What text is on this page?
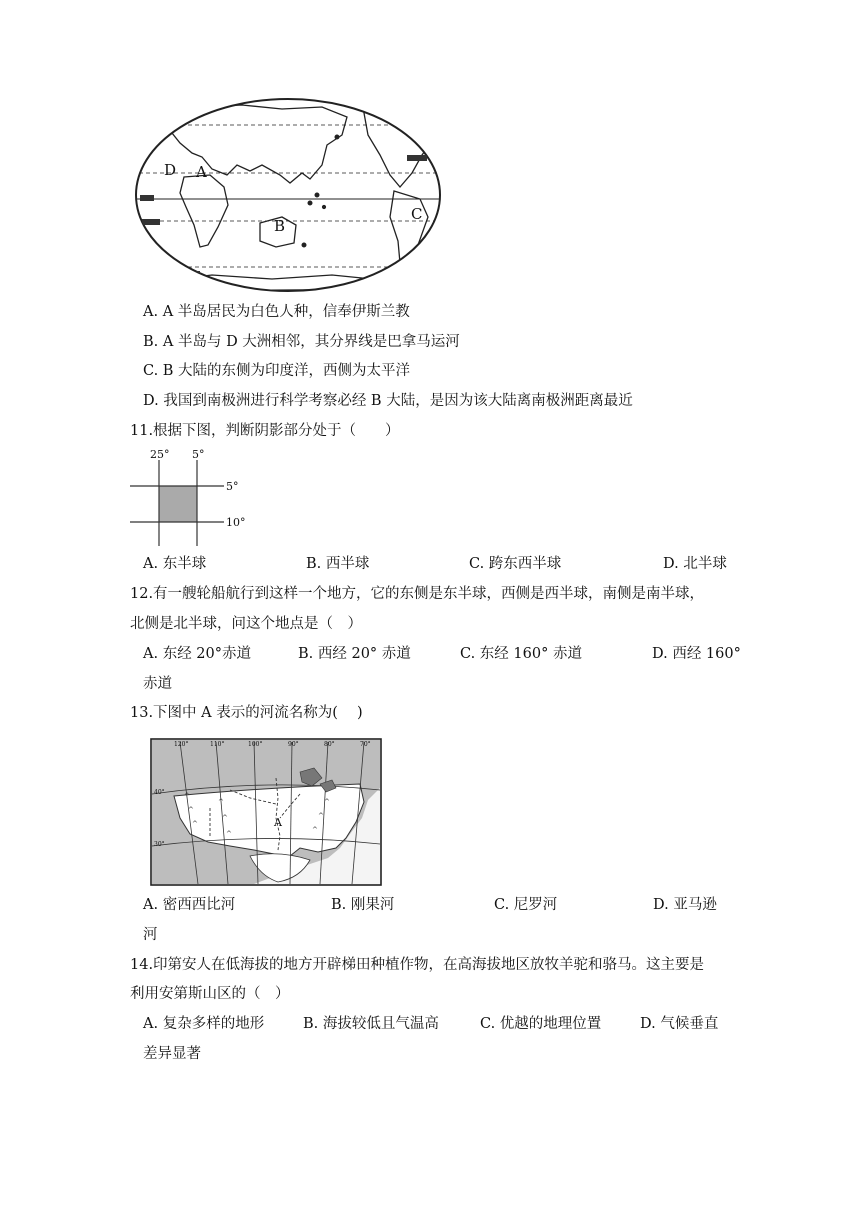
A
B
C
D
A. A 半岛居民为白色人种，信奉伊斯兰教
B. A 半岛与 D 大洲相邻，其分界线是巴拿马运河
C. B 大陆的东侧为印度洋，西侧为太平洋
D. 我国到南极洲进行科学考察必经 B 大陆，是因为该大陆离南极洲距离最近
11.根据下图，判断阴影部分处于（　　）
25° 5°
5°
10°
A. 东半球	B. 西半球	C. 跨东西半球	D. 北半球
12.有一艘轮船航行到这样一个地方，它的东侧是东半球，西侧是西半球，南侧是南半球，
北侧是北半球，问这个地点是（　）
A. 东经 20°赤道	B. 西经 20° 赤道	C. 东经 160° 赤道	D. 西经 160°
赤道
13.下图中 A 表示的河流名称为(　 )
^
^
^
^
^
^
^
^
^
120°	110°	100°	90°	80°	70°
40°
30°
A
A. 密西西比河	B. 刚果河	C. 尼罗河	D. 亚马逊
河
14.印第安人在低海拔的地方开辟梯田种植作物，在高海拔地区放牧羊驼和骆马。这主要是
利用安第斯山区的（　）
A. 复杂多样的地形	B. 海拔较低且气温高	C. 优越的地理位置	D. 气候垂直
差异显著
